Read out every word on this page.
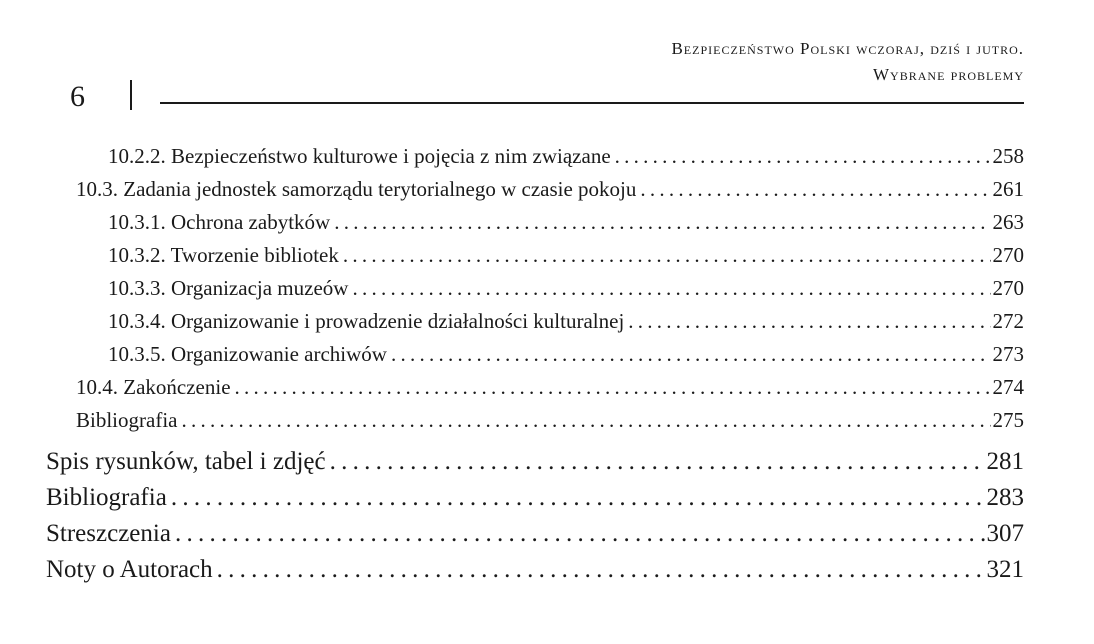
Bezpieczeństwo Polski wczoraj, dziś i jutro.
Wybrane problemy
6
10.2.2. Bezpieczeństwo kulturowe i pojęcia z nim związane . . .	258
10.3. Zadania jednostek samorządu terytorialnego w czasie pokoju . . .	261
10.3.1. Ochrona zabytków . . .	263
10.3.2. Tworzenie bibliotek . . .	270
10.3.3. Organizacja muzeów . . .	270
10.3.4. Organizowanie i prowadzenie działalności kulturalnej . . .	272
10.3.5. Organizowanie archiwów . . .	273
10.4. Zakończenie . . .	274
Bibliografia . . .	275
Spis rysunków, tabel i zdjęć . . .	281
Bibliografia . . .	283
Streszczenia . . .	307
Noty o Autorach . . .	321
